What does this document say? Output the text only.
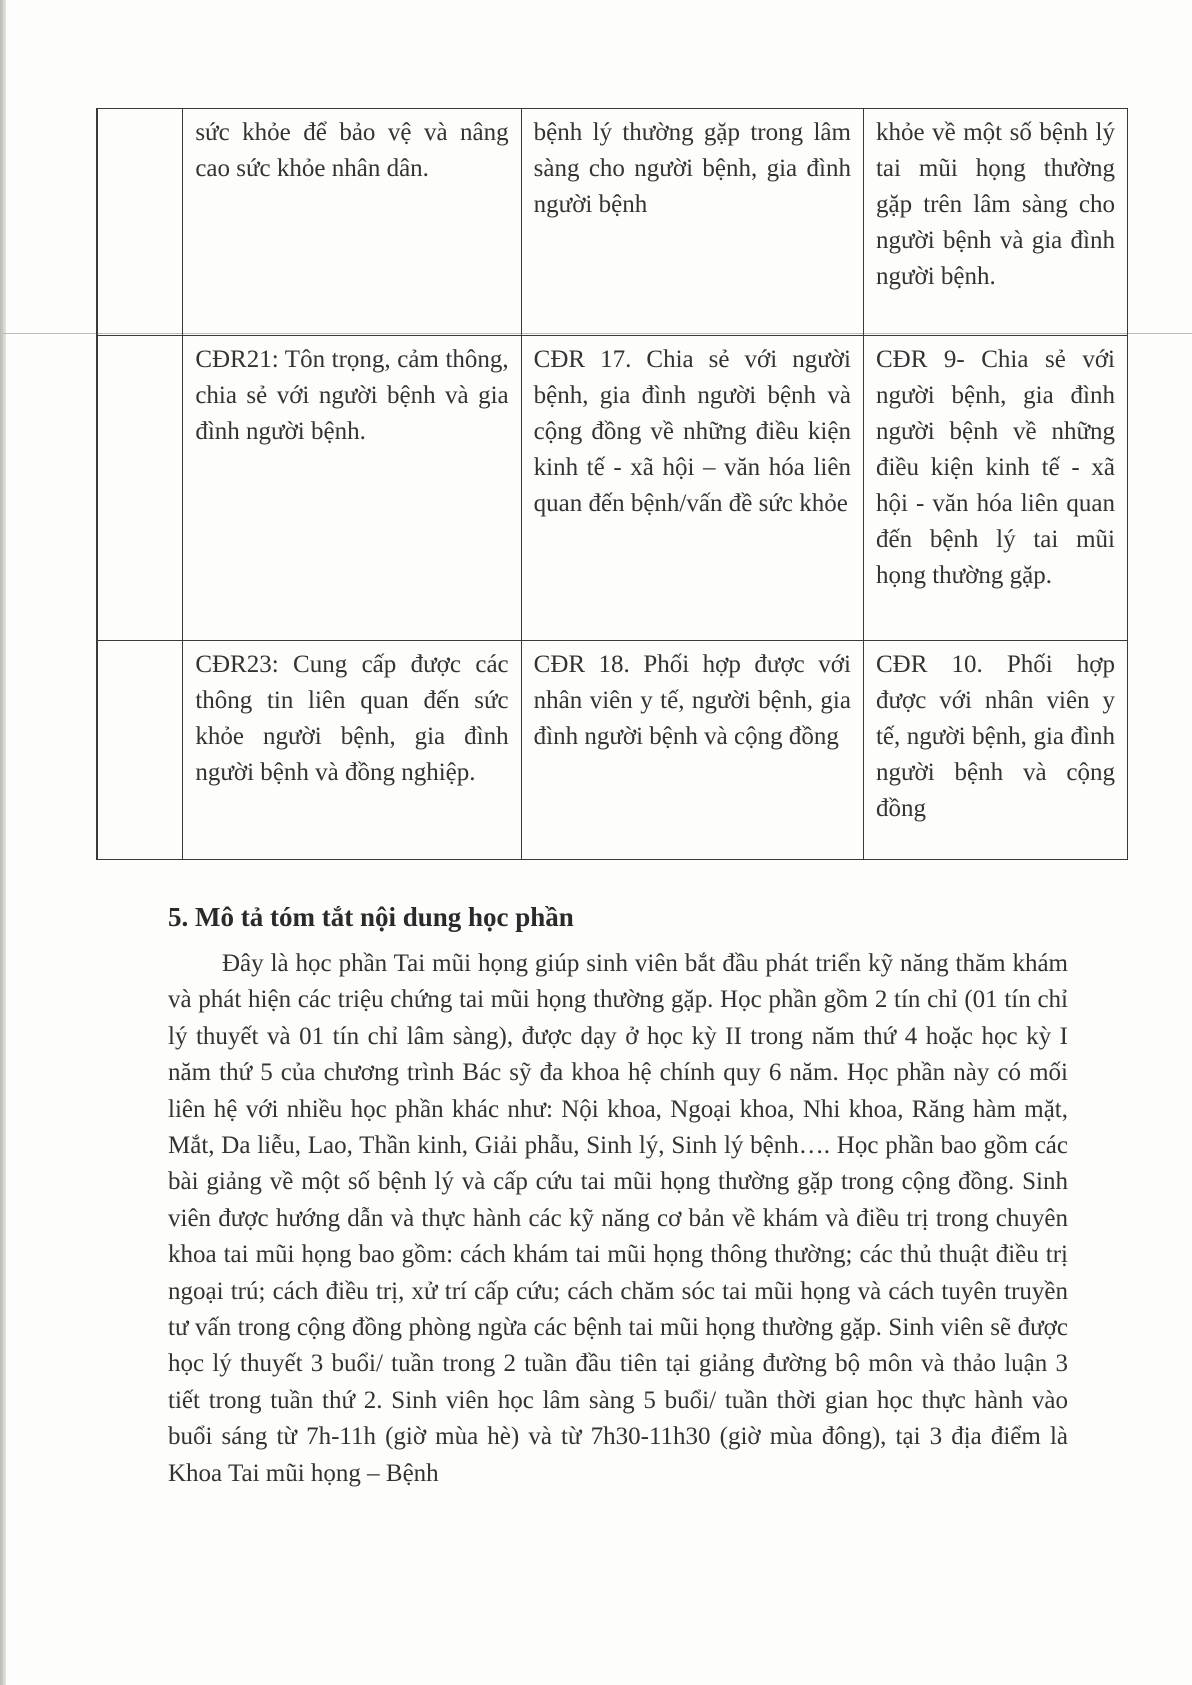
	sức khỏe để bảo vệ và nâng cao sức khỏe nhân dân.	bệnh lý thường gặp trong lâm sàng cho người bệnh, gia đình người bệnh	khỏe về một số bệnh lý tai mũi họng thường gặp trên lâm sàng cho người bệnh và gia đình người bệnh.
	CĐR21: Tôn trọng, cảm thông, chia sẻ với người bệnh và gia đình người bệnh.	CĐR 17. Chia sẻ với người bệnh, gia đình người bệnh và cộng đồng về những điều kiện kinh tế - xã hội – văn hóa liên quan đến bệnh/vấn đề sức khỏe	CĐR 9- Chia sẻ với người bệnh, gia đình người bệnh về những điều kiện kinh tế - xã hội - văn hóa liên quan đến bệnh lý tai mũi họng thường gặp.
	CĐR23: Cung cấp được các thông tin liên quan đến sức khỏe người bệnh, gia đình người bệnh và đồng nghiệp.	CĐR 18. Phối hợp được với nhân viên y tế, người bệnh, gia đình người bệnh và cộng đồng	CĐR 10. Phối hợp được với nhân viên y tế, người bệnh, gia đình người bệnh và cộng đồng
5. Mô tả tóm tắt nội dung học phần

Đây là học phần Tai mũi họng giúp sinh viên bắt đầu phát triển kỹ năng thăm khám và phát hiện các triệu chứng tai mũi họng thường gặp. Học phần gồm 2 tín chỉ (01 tín chỉ lý thuyết và 01 tín chỉ lâm sàng), được dạy ở học kỳ II trong năm thứ 4 hoặc học kỳ I năm thứ 5 của chương trình Bác sỹ đa khoa hệ chính quy 6 năm. Học phần này có mối liên hệ với nhiều học phần khác như: Nội khoa, Ngoại khoa, Nhi khoa, Răng hàm mặt, Mắt, Da liễu, Lao, Thần kinh, Giải phẫu, Sinh lý, Sinh lý bệnh…. Học phần bao gồm các bài giảng về một số bệnh lý và cấp cứu tai mũi họng thường gặp trong cộng đồng. Sinh viên được hướng dẫn và thực hành các kỹ năng cơ bản về khám và điều trị trong chuyên khoa tai mũi họng bao gồm: cách khám tai mũi họng thông thường; các thủ thuật điều trị ngoại trú; cách điều trị, xử trí cấp cứu; cách chăm sóc tai mũi họng và cách tuyên truyền tư vấn trong cộng đồng phòng ngừa các bệnh tai mũi họng thường gặp. Sinh viên sẽ được học lý thuyết 3 buổi/ tuần trong 2 tuần đầu tiên tại giảng đường bộ môn và thảo luận 3 tiết trong tuần thứ 2. Sinh viên học lâm sàng 5 buổi/ tuần thời gian học thực hành vào buổi sáng từ 7h-11h (giờ mùa hè) và từ 7h30-11h30 (giờ mùa đông), tại 3 địa điểm là Khoa Tai mũi họng – Bệnh
